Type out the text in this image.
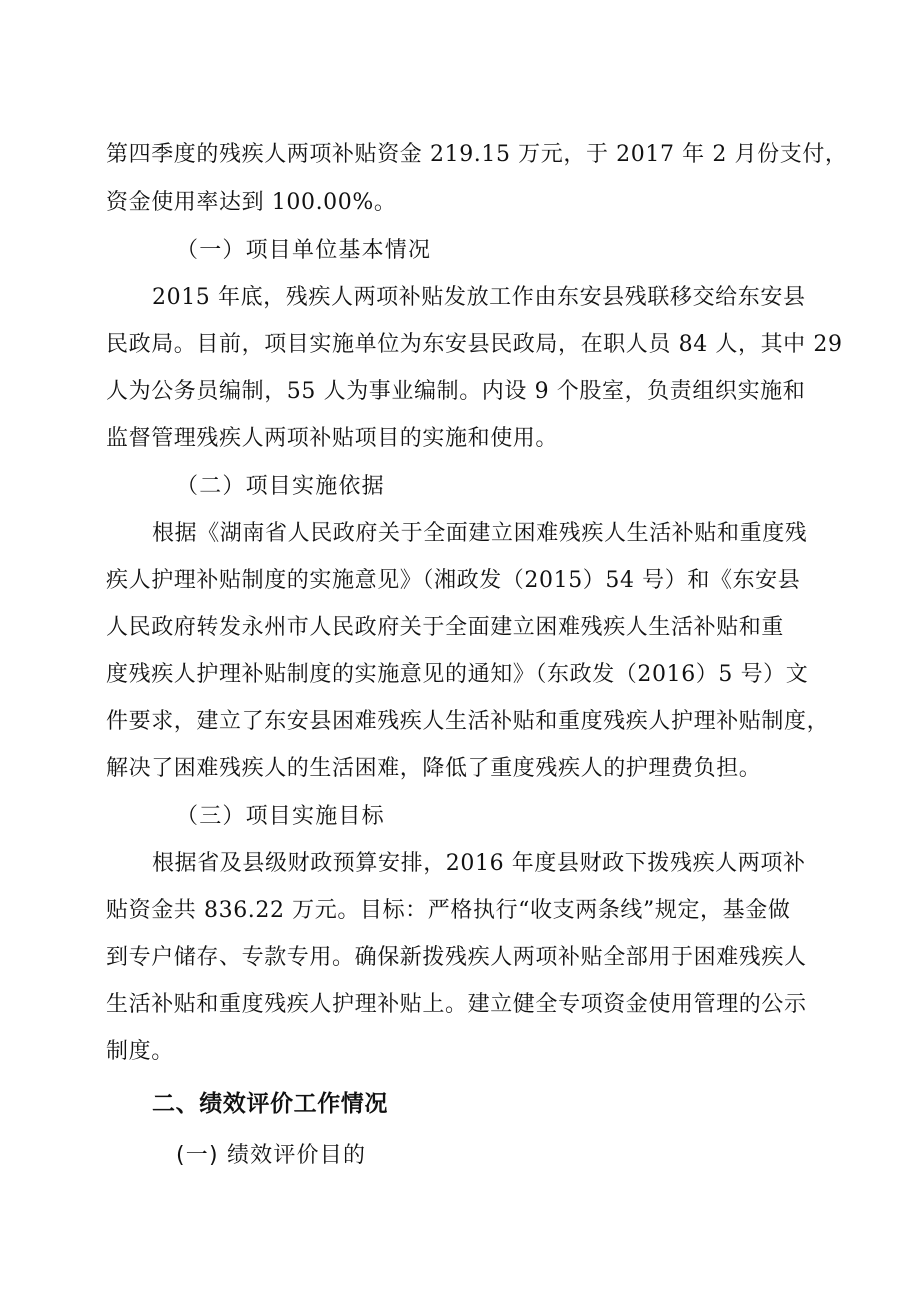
第四季度的残疾人两项补贴资金 219.15 万元，于 2017 年 2 月份支付，
资金使用率达到 100.00%。
（一）项目单位基本情况
2015 年底，残疾人两项补贴发放工作由东安县残联移交给东安县
民政局。目前，项目实施单位为东安县民政局，在职人员 84 人，其中 29
人为公务员编制，55 人为事业编制。内设 9 个股室，负责组织实施和
监督管理残疾人两项补贴项目的实施和使用。
（二）项目实施依据
根据《湖南省人民政府关于全面建立困难残疾人生活补贴和重度残
疾人护理补贴制度的实施意见》（湘政发（2015）54 号）和《东安县
人民政府转发永州市人民政府关于全面建立困难残疾人生活补贴和重
度残疾人护理补贴制度的实施意见的通知》（东政发（2016）5 号）文
件要求，建立了东安县困难残疾人生活补贴和重度残疾人护理补贴制度，
解决了困难残疾人的生活困难，降低了重度残疾人的护理费负担。
（三）项目实施目标
根据省及县级财政预算安排，2016 年度县财政下拨残疾人两项补
贴资金共 836.22 万元。目标：严格执行“收支两条线”规定，基金做
到专户储存、专款专用。确保新拨残疾人两项补贴全部用于困难残疾人
生活补贴和重度残疾人护理补贴上。建立健全专项资金使用管理的公示
制度。
二、绩效评价工作情况
(一) 绩效评价目的
